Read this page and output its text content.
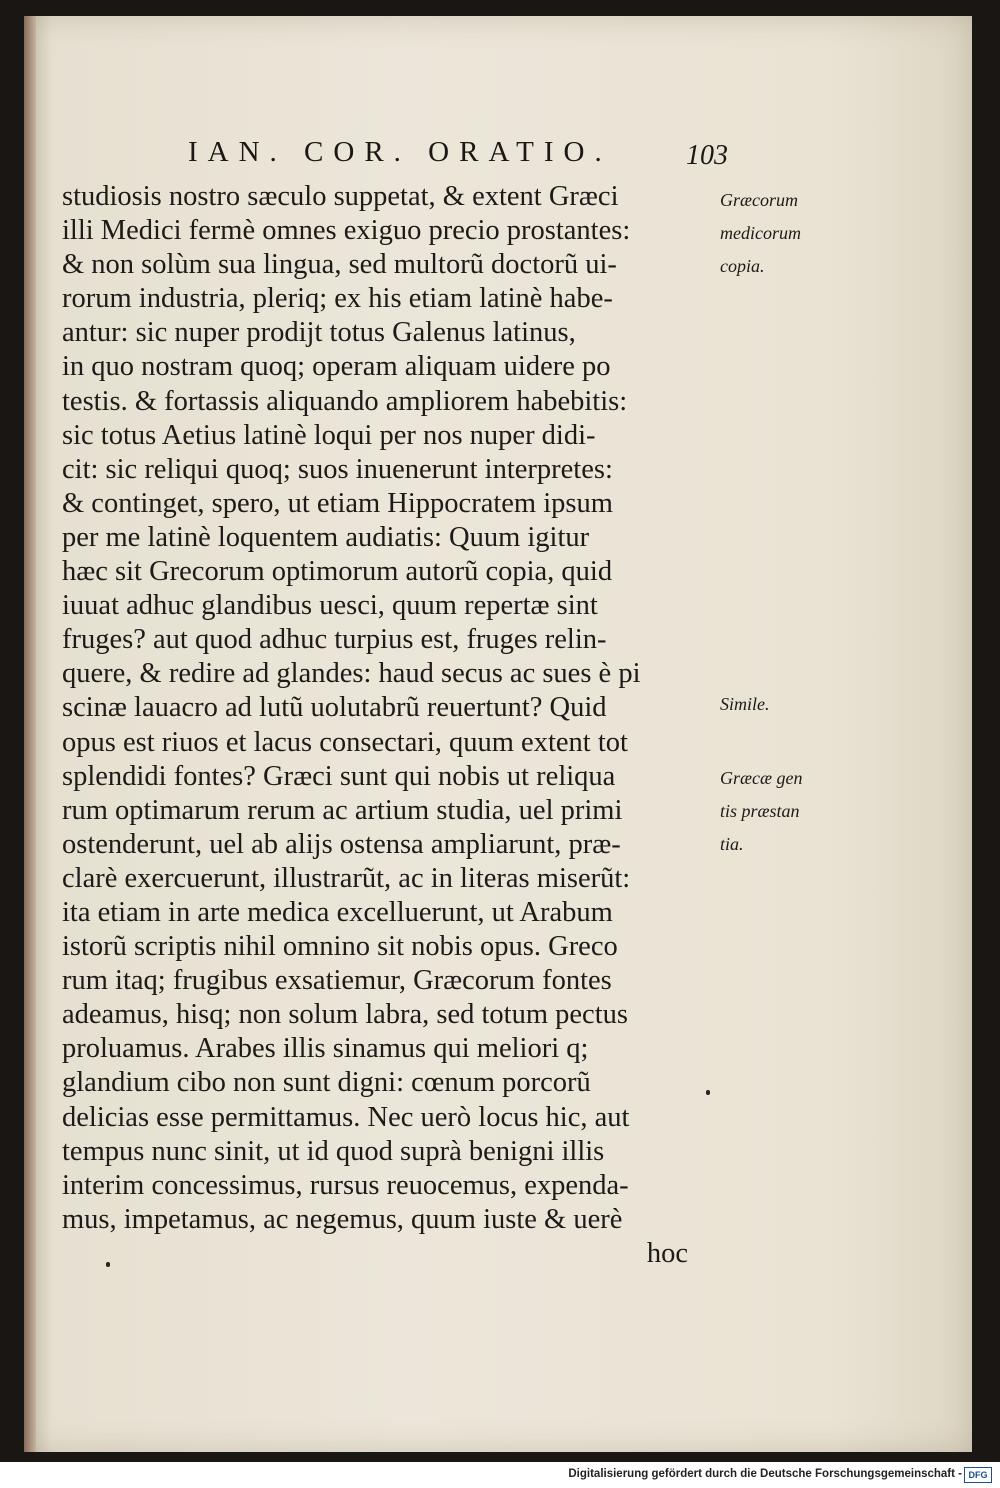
IAN. COR. ORATIO.	103
studiosis nostro sæculo suppetat, & extent Græci
illi Medici fermè omnes exiguo precio prostantes:
& non solùm sua lingua, sed multorũ doctorũ ui-
rorum industria, pleriq; ex his etiam latinè habe-
antur: sic nuper prodijt totus Galenus latinus,
in quo nostram quoq; operam aliquam uidere po
testis. & fortassis aliquando ampliorem habebitis:
sic totus Aetius latinè loqui per nos nuper didi-
cit: sic reliqui quoq; suos inuenerunt interpretes:
& continget, spero, ut etiam Hippocratem ipsum
per me latinè loquentem audiatis: Quum igitur
hæc sit Grecorum optimorum autorũ copia, quid
iuuat adhuc glandibus uesci, quum repertæ sint
fruges? aut quod adhuc turpius est, fruges relin-
quere, & redire ad glandes: haud secus ac sues è pi
scinæ lauacro ad lutũ uolutabrũ reuertunt? Quid
opus est riuos et lacus consectari, quum extent tot
splendidi fontes? Græci sunt qui nobis ut reliqua
rum optimarum rerum ac artium studia, uel primi
ostenderunt, uel ab alijs ostensa ampliarunt, præ-
clarè exercuerunt, illustrarũt, ac in literas miserũt:
ita etiam in arte medica excelluerunt, ut Arabum
istorũ scriptis nihil omnino sit nobis opus. Greco
rum itaq; frugibus exsatiemur, Græcorum fontes
adeamus, hisq; non solum labra, sed totum pectus
proluamus. Arabes illis sinamus qui meliori q;
glandium cibo non sunt digni: cœnum porcorũ
delicias esse permittamus. Nec uerò locus hic, aut
tempus nunc sinit, ut id quod suprà benigni illis
interim concessimus, rursus reuocemus, expenda-
mus, impetamus, ac negemus, quum iuste & uerè
hoc
Græcorum
medicorum
copia.
Simile.
Græcæ gen
tis præstan
tia.
Digitalisierung gefördert durch die Deutsche Forschungsgemeinschaft - DFG
